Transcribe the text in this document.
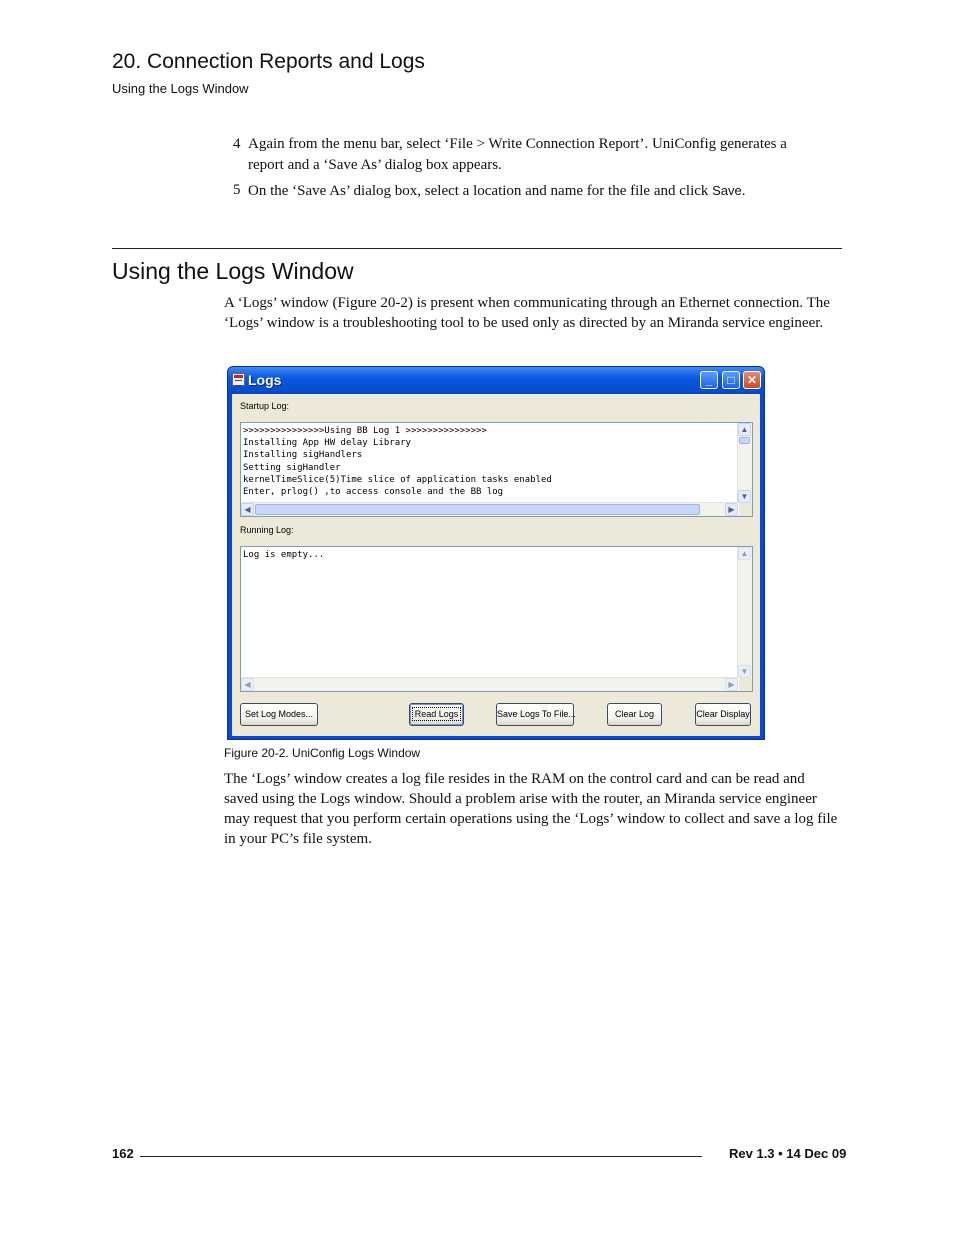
20. Connection Reports and Logs
Using the Logs Window
4 Again from the menu bar, select ‘File > Write Connection Report’. UniConfig generates a report and a ‘Save As’ dialog box appears.
5 On the ‘Save As’ dialog box, select a location and name for the file and click Save.
Using the Logs Window
A ‘Logs’ window (Figure 20-2) is present when communicating through an Ethernet connection. The ‘Logs’ window is a troubleshooting tool to be used only as directed by an Miranda service engineer.
Logs	_	□	✕
Startup Log:
>>>>>>>>>>>>>>>Using BB Log 1 >>>>>>>>>>>>>>>
Installing App HW delay Library
Installing sigHandlers
Setting sigHandler
kernelTimeSlice(5)Time slice of application tasks enabled
Enter, prlog() ,to access console and the BB log
▲
▼
◀	▶
Running Log:
Log is empty...	▲
▼
◀	▶
Set Log Modes...	Read Logs	Save Logs To File...	Clear Log	Clear Display
Figure 20-2. UniConfig Logs Window
The ‘Logs’ window creates a log file resides in the RAM on the control card and can be read and saved using the Logs window. Should a problem arise with the router, an Miranda service engineer may request that you perform certain operations using the ‘Logs’ window to collect and save a log file in your PC’s file system.
162	Rev 1.3 • 14 Dec 09
